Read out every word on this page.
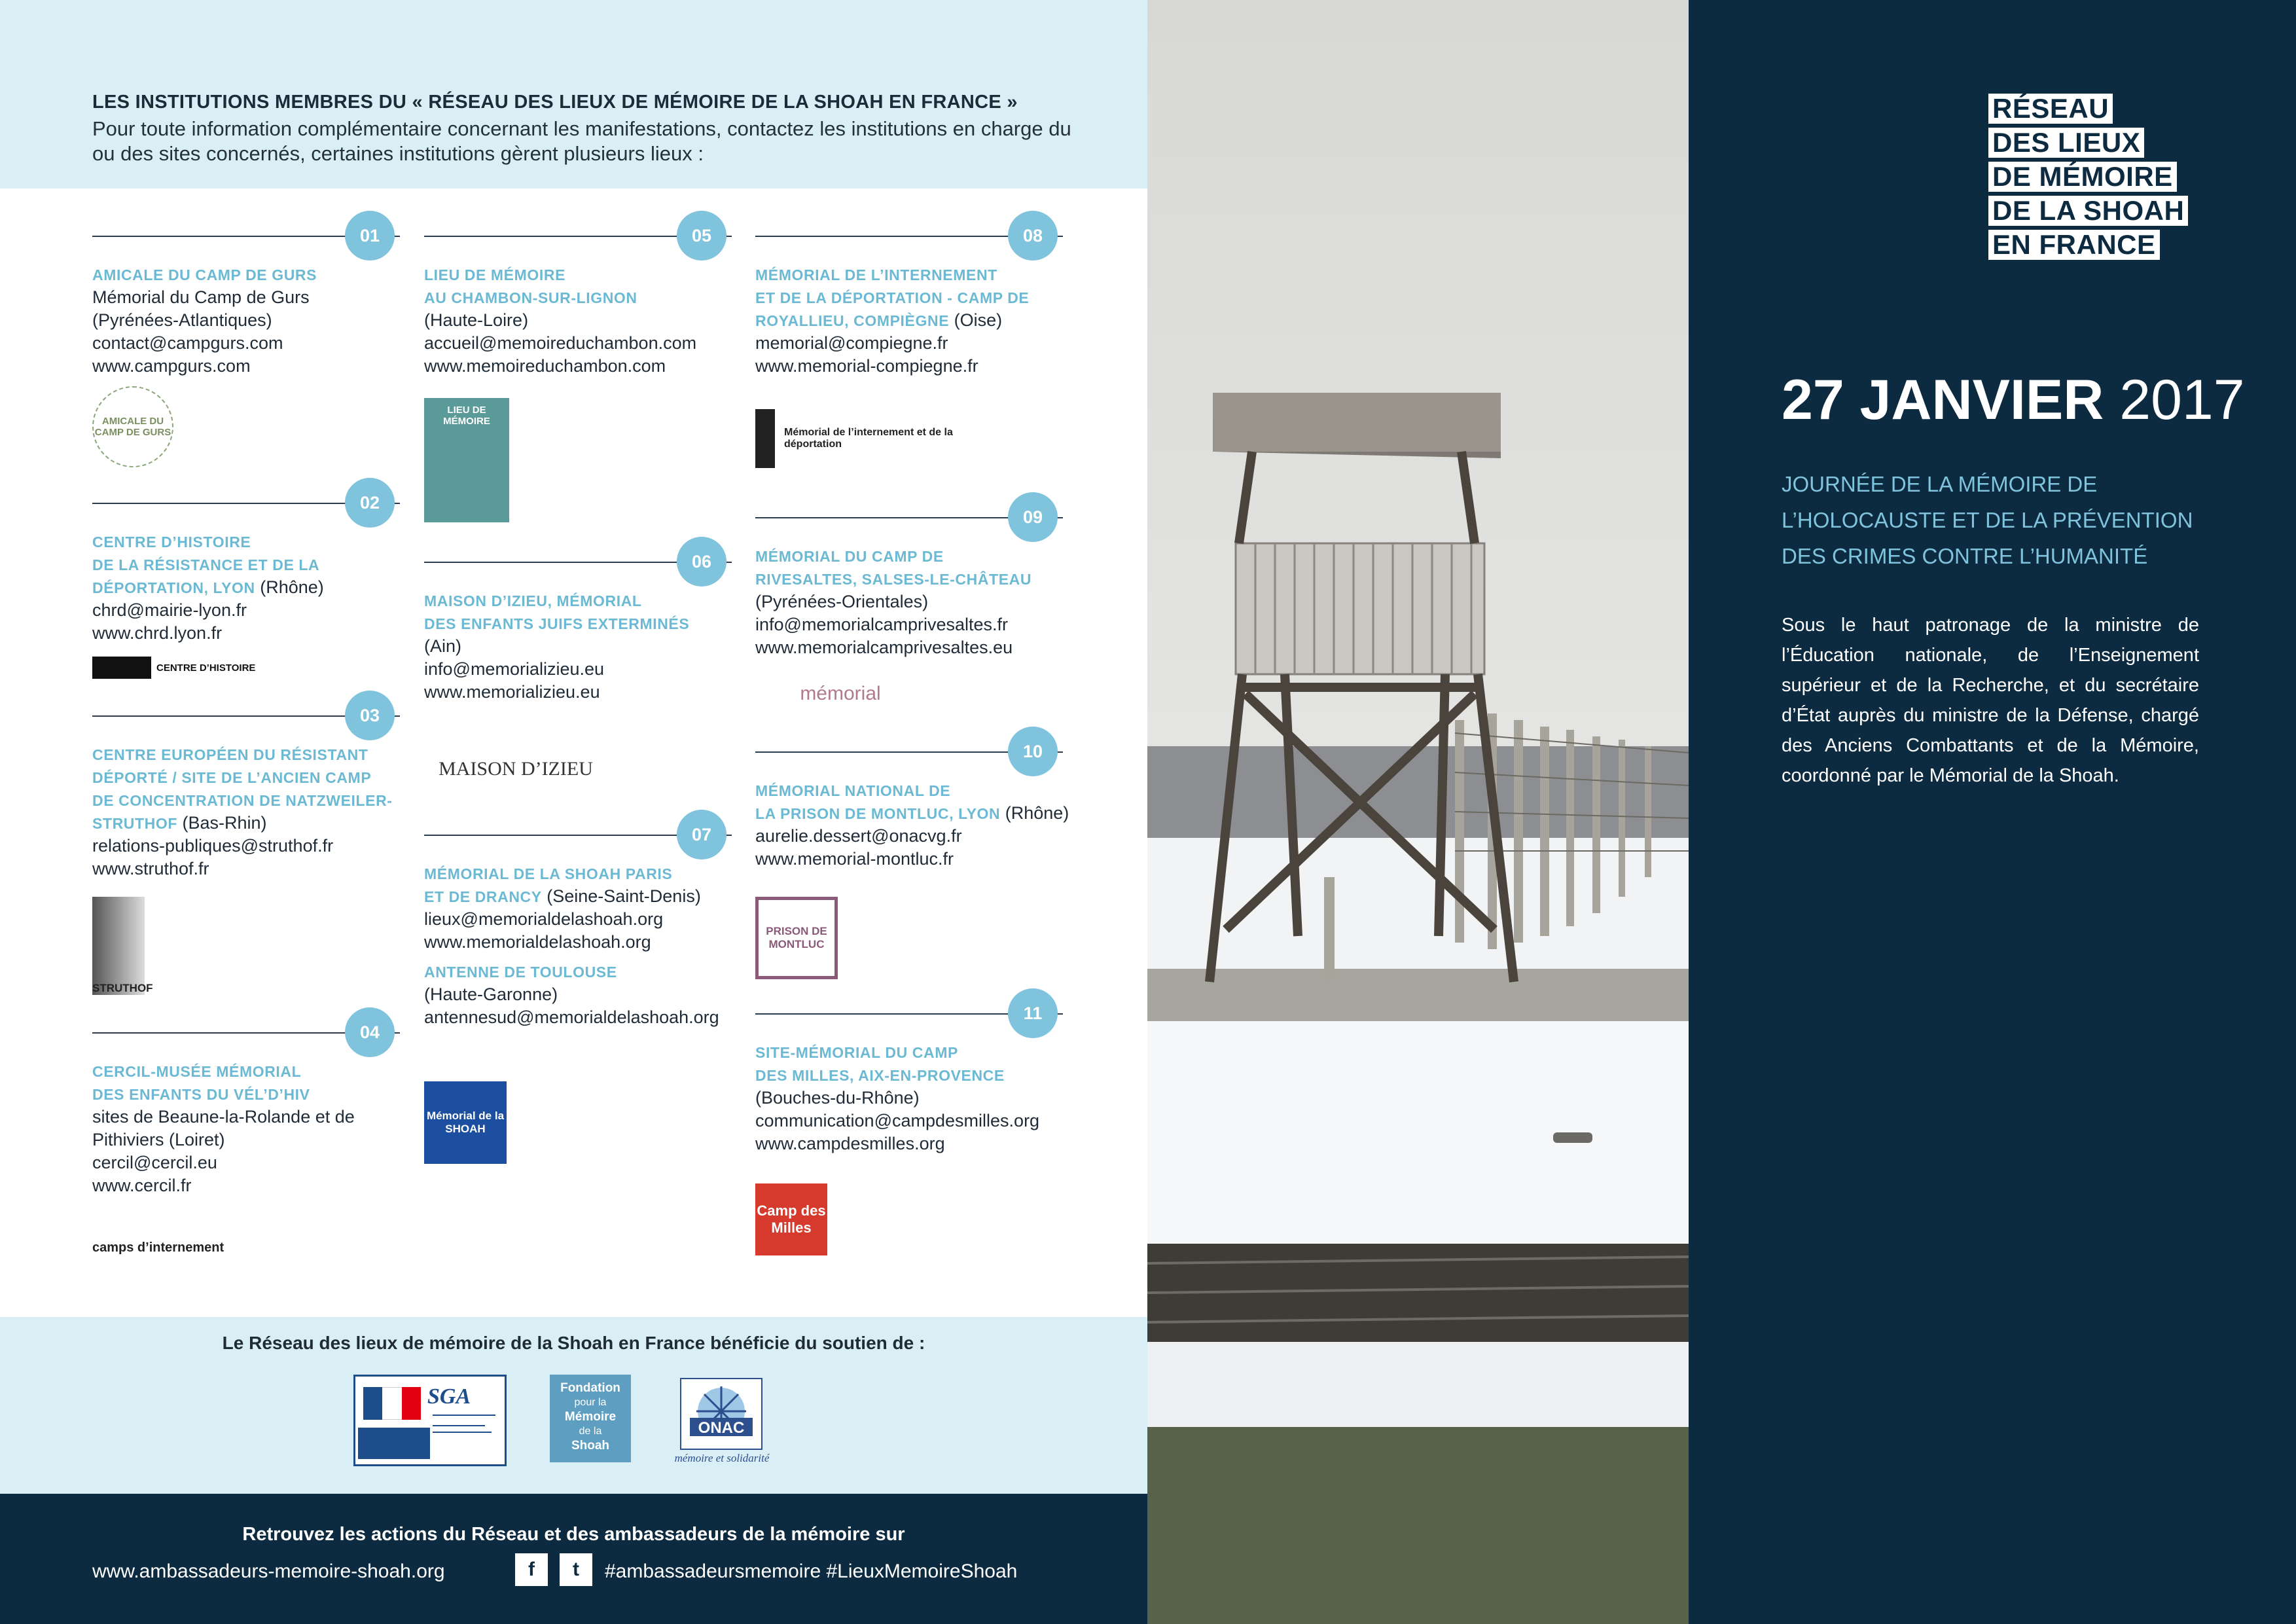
LES INSTITUTIONS MEMBRES DU « RÉSEAU DES LIEUX DE MÉMOIRE DE LA SHOAH EN FRANCE »
Pour toute information complémentaire concernant les manifestations, contactez les institutions en charge du ou des sites concernés, certaines institutions gèrent plusieurs lieux :
01
AMICALE DU CAMP DE GURS
Mémorial du Camp de Gurs
(Pyrénées-Atlantiques)
contact@campgurs.com
www.campgurs.com
AMICALE DU CAMP DE GURS
02
CENTRE D’HISTOIRE
DE LA RÉSISTANCE ET DE LA
DÉPORTATION, LYON (Rhône)
chrd@mairie-lyon.fr
www.chrd.lyon.fr
CENTRE D’HISTOIRE
03
CENTRE EUROPÉEN DU RÉSISTANT
DÉPORTÉ / SITE DE L’ANCIEN CAMP
DE CONCENTRATION DE NATZWEILER-
STRUTHOF (Bas-Rhin)
relations-publiques@struthof.fr
www.struthof.fr
STRUTHOF
04
CERCIL-MUSÉE MÉMORIAL
DES ENFANTS DU VÉL’D’HIV
sites de Beaune-la-Rolande et de
Pithiviers (Loiret)
cercil@cercil.eu
www.cercil.fr
camps d’internement
05
LIEU DE MÉMOIRE
AU CHAMBON-SUR-LIGNON
(Haute-Loire)
accueil@memoireduchambon.com
www.memoireduchambon.com
LIEU DE MÉMOIRE
06
MAISON D’IZIEU, MÉMORIAL
DES ENFANTS JUIFS EXTERMINÉS
(Ain)
info@memorializieu.eu
www.memorializieu.eu
MAISON D’IZIEU
07
MÉMORIAL DE LA SHOAH PARIS
ET DE DRANCY (Seine-Saint-Denis)
lieux@memorialdelashoah.org
www.memorialdelashoah.org
ANTENNE DE TOULOUSE
(Haute-Garonne)
antennesud@memorialdelashoah.org
Mémorial de la SHOAH
08
MÉMORIAL DE L’INTERNEMENT
ET DE LA DÉPORTATION - CAMP DE
ROYALLIEU, COMPIÈGNE (Oise)
memorial@compiegne.fr
www.memorial-compiegne.fr
Mémorial de l’internement et de la déportation
09
MÉMORIAL DU CAMP DE
RIVESALTES, SALSES-LE-CHÂTEAU
(Pyrénées-Orientales)
info@memorialcamprivesaltes.fr
www.memorialcamprivesaltes.eu
mémorial
10
MÉMORIAL NATIONAL DE
LA PRISON DE MONTLUC, LYON (Rhône)
aurelie.dessert@onacvg.fr
www.memorial-montluc.fr
PRISON DE MONTLUC
11
SITE-MÉMORIAL DU CAMP
DES MILLES, AIX-EN-PROVENCE
(Bouches-du-Rhône)
communication@campdesmilles.org
www.campdesmilles.org
Camp des Milles
Le Réseau des lieux de mémoire de la Shoah en France bénéficie du soutien de :
SGA	Fondation
pour la
Mémoire
de la
Shoah
ONAC
mémoire et solidarité
Retrouvez les actions du Réseau et des ambassadeurs de la mémoire sur
www.ambassadeurs-memoire-shoah.org	f	t	#ambassadeursmemoire #LieuxMemoireShoah
RÉSEAU
DES LIEUX
DE MÉMOIRE
DE LA SHOAH
EN FRANCE
27 JANVIER 2017
JOURNÉE DE LA MÉMOIRE DE L’HOLOCAUSTE ET DE LA PRÉVENTION DES CRIMES CONTRE L’HUMANITÉ
Sous le haut patronage de la ministre de l’Éducation nationale, de l’Enseignement supérieur et de la Recherche, et du secrétaire d’État auprès du ministre de la Défense, chargé des Anciens Combattants et de la Mémoire, coordonné par le Mémorial de la Shoah.
